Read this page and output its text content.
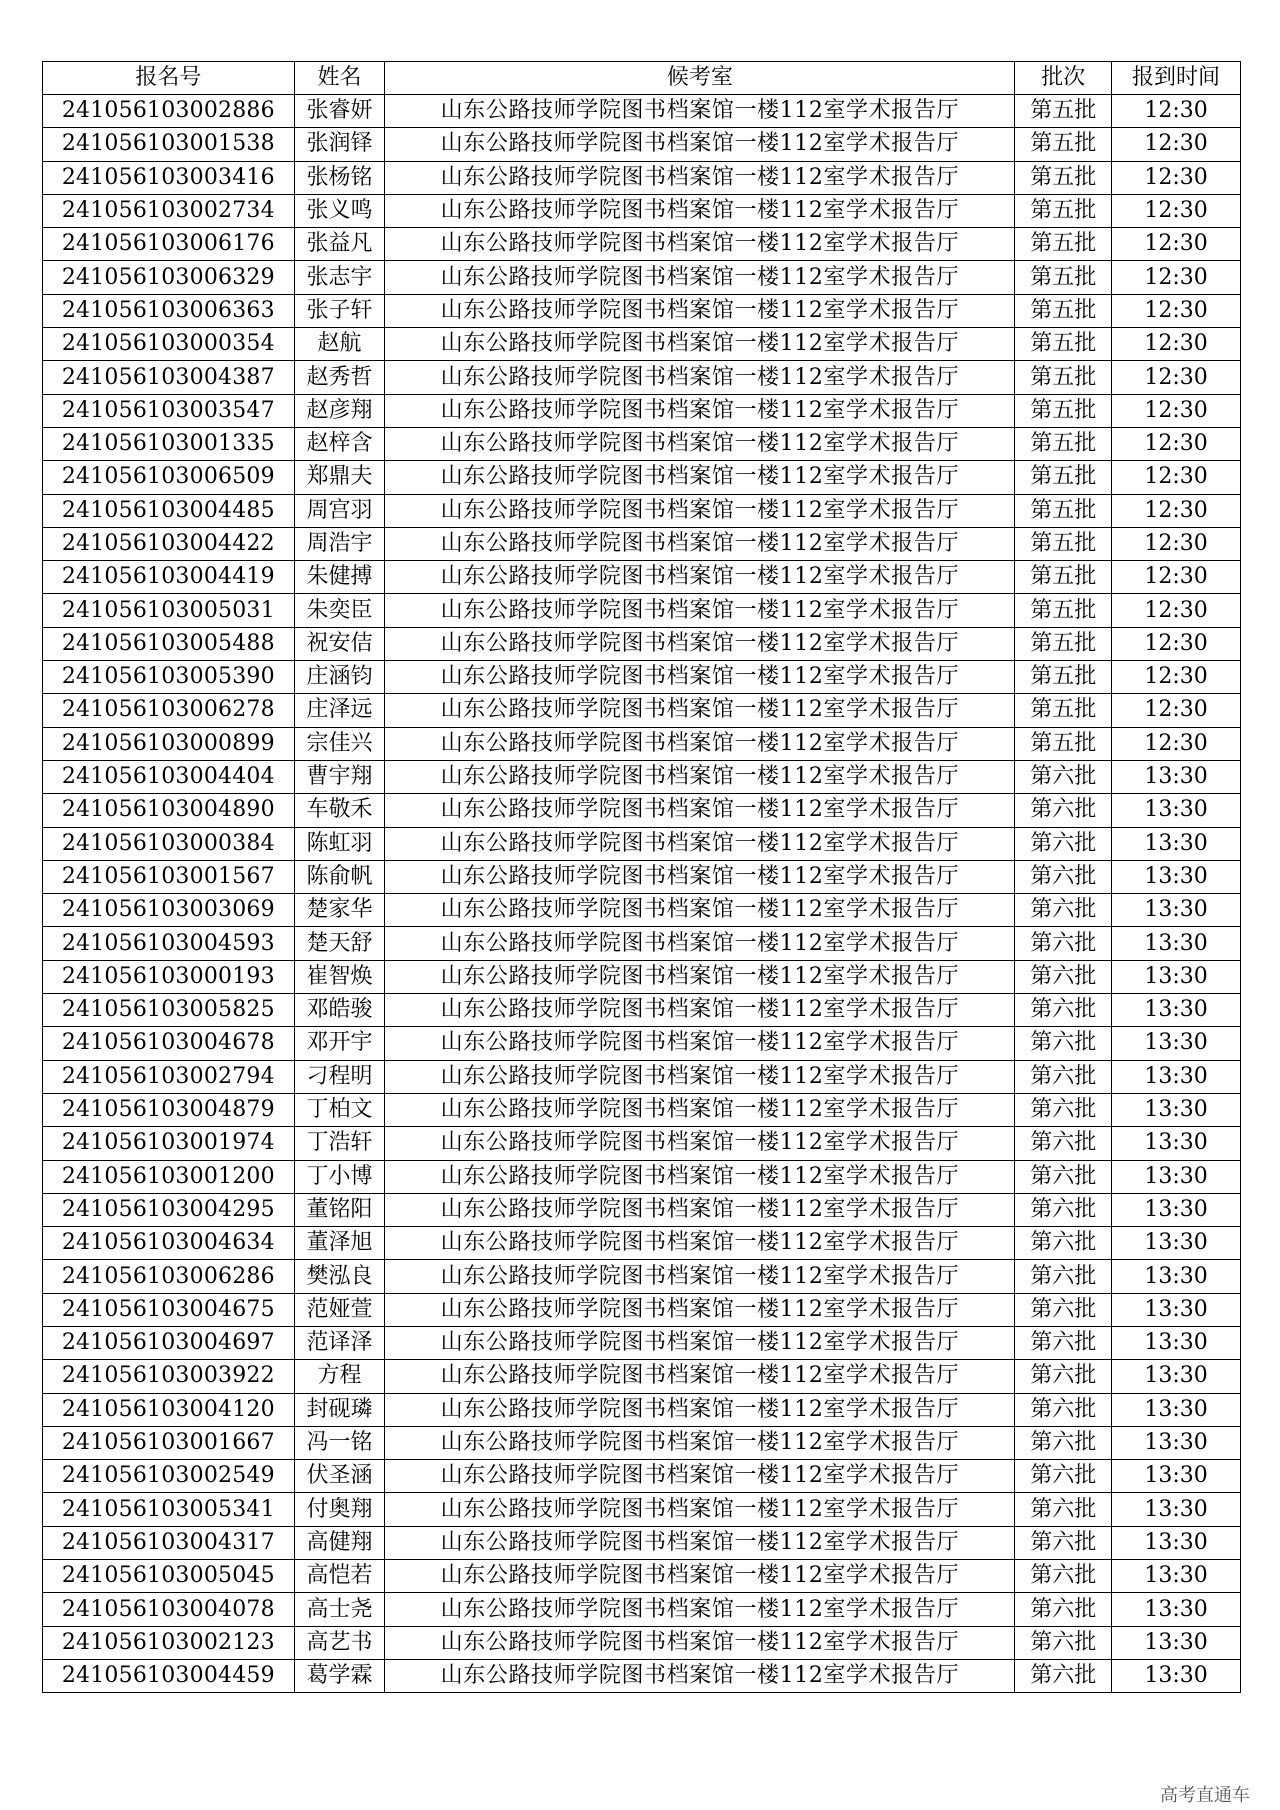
报名号	姓名	候考室	批次	报到时间
241056103002886	张睿妍	山东公路技师学院图书档案馆一楼112室学术报告厅	第五批	12:30
241056103001538	张润铎	山东公路技师学院图书档案馆一楼112室学术报告厅	第五批	12:30
241056103003416	张杨铭	山东公路技师学院图书档案馆一楼112室学术报告厅	第五批	12:30
241056103002734	张义鸣	山东公路技师学院图书档案馆一楼112室学术报告厅	第五批	12:30
241056103006176	张益凡	山东公路技师学院图书档案馆一楼112室学术报告厅	第五批	12:30
241056103006329	张志宇	山东公路技师学院图书档案馆一楼112室学术报告厅	第五批	12:30
241056103006363	张子轩	山东公路技师学院图书档案馆一楼112室学术报告厅	第五批	12:30
241056103000354	赵航	山东公路技师学院图书档案馆一楼112室学术报告厅	第五批	12:30
241056103004387	赵秀哲	山东公路技师学院图书档案馆一楼112室学术报告厅	第五批	12:30
241056103003547	赵彦翔	山东公路技师学院图书档案馆一楼112室学术报告厅	第五批	12:30
241056103001335	赵梓含	山东公路技师学院图书档案馆一楼112室学术报告厅	第五批	12:30
241056103006509	郑鼎夫	山东公路技师学院图书档案馆一楼112室学术报告厅	第五批	12:30
241056103004485	周宫羽	山东公路技师学院图书档案馆一楼112室学术报告厅	第五批	12:30
241056103004422	周浩宇	山东公路技师学院图书档案馆一楼112室学术报告厅	第五批	12:30
241056103004419	朱健搏	山东公路技师学院图书档案馆一楼112室学术报告厅	第五批	12:30
241056103005031	朱奕臣	山东公路技师学院图书档案馆一楼112室学术报告厅	第五批	12:30
241056103005488	祝安佶	山东公路技师学院图书档案馆一楼112室学术报告厅	第五批	12:30
241056103005390	庄涵钧	山东公路技师学院图书档案馆一楼112室学术报告厅	第五批	12:30
241056103006278	庄泽远	山东公路技师学院图书档案馆一楼112室学术报告厅	第五批	12:30
241056103000899	宗佳兴	山东公路技师学院图书档案馆一楼112室学术报告厅	第五批	12:30
241056103004404	曹宇翔	山东公路技师学院图书档案馆一楼112室学术报告厅	第六批	13:30
241056103004890	车敬禾	山东公路技师学院图书档案馆一楼112室学术报告厅	第六批	13:30
241056103000384	陈虹羽	山东公路技师学院图书档案馆一楼112室学术报告厅	第六批	13:30
241056103001567	陈俞帆	山东公路技师学院图书档案馆一楼112室学术报告厅	第六批	13:30
241056103003069	楚家华	山东公路技师学院图书档案馆一楼112室学术报告厅	第六批	13:30
241056103004593	楚天舒	山东公路技师学院图书档案馆一楼112室学术报告厅	第六批	13:30
241056103000193	崔智焕	山东公路技师学院图书档案馆一楼112室学术报告厅	第六批	13:30
241056103005825	邓皓骏	山东公路技师学院图书档案馆一楼112室学术报告厅	第六批	13:30
241056103004678	邓开宇	山东公路技师学院图书档案馆一楼112室学术报告厅	第六批	13:30
241056103002794	刁程明	山东公路技师学院图书档案馆一楼112室学术报告厅	第六批	13:30
241056103004879	丁柏文	山东公路技师学院图书档案馆一楼112室学术报告厅	第六批	13:30
241056103001974	丁浩轩	山东公路技师学院图书档案馆一楼112室学术报告厅	第六批	13:30
241056103001200	丁小博	山东公路技师学院图书档案馆一楼112室学术报告厅	第六批	13:30
241056103004295	董铭阳	山东公路技师学院图书档案馆一楼112室学术报告厅	第六批	13:30
241056103004634	董泽旭	山东公路技师学院图书档案馆一楼112室学术报告厅	第六批	13:30
241056103006286	樊泓良	山东公路技师学院图书档案馆一楼112室学术报告厅	第六批	13:30
241056103004675	范娅萱	山东公路技师学院图书档案馆一楼112室学术报告厅	第六批	13:30
241056103004697	范译泽	山东公路技师学院图书档案馆一楼112室学术报告厅	第六批	13:30
241056103003922	方程	山东公路技师学院图书档案馆一楼112室学术报告厅	第六批	13:30
241056103004120	封砚璘	山东公路技师学院图书档案馆一楼112室学术报告厅	第六批	13:30
241056103001667	冯一铭	山东公路技师学院图书档案馆一楼112室学术报告厅	第六批	13:30
241056103002549	伏圣涵	山东公路技师学院图书档案馆一楼112室学术报告厅	第六批	13:30
241056103005341	付奥翔	山东公路技师学院图书档案馆一楼112室学术报告厅	第六批	13:30
241056103004317	高健翔	山东公路技师学院图书档案馆一楼112室学术报告厅	第六批	13:30
241056103005045	高恺若	山东公路技师学院图书档案馆一楼112室学术报告厅	第六批	13:30
241056103004078	高士尧	山东公路技师学院图书档案馆一楼112室学术报告厅	第六批	13:30
241056103002123	高艺书	山东公路技师学院图书档案馆一楼112室学术报告厅	第六批	13:30
241056103004459	葛学霖	山东公路技师学院图书档案馆一楼112室学术报告厅	第六批	13:30
高考直通车
